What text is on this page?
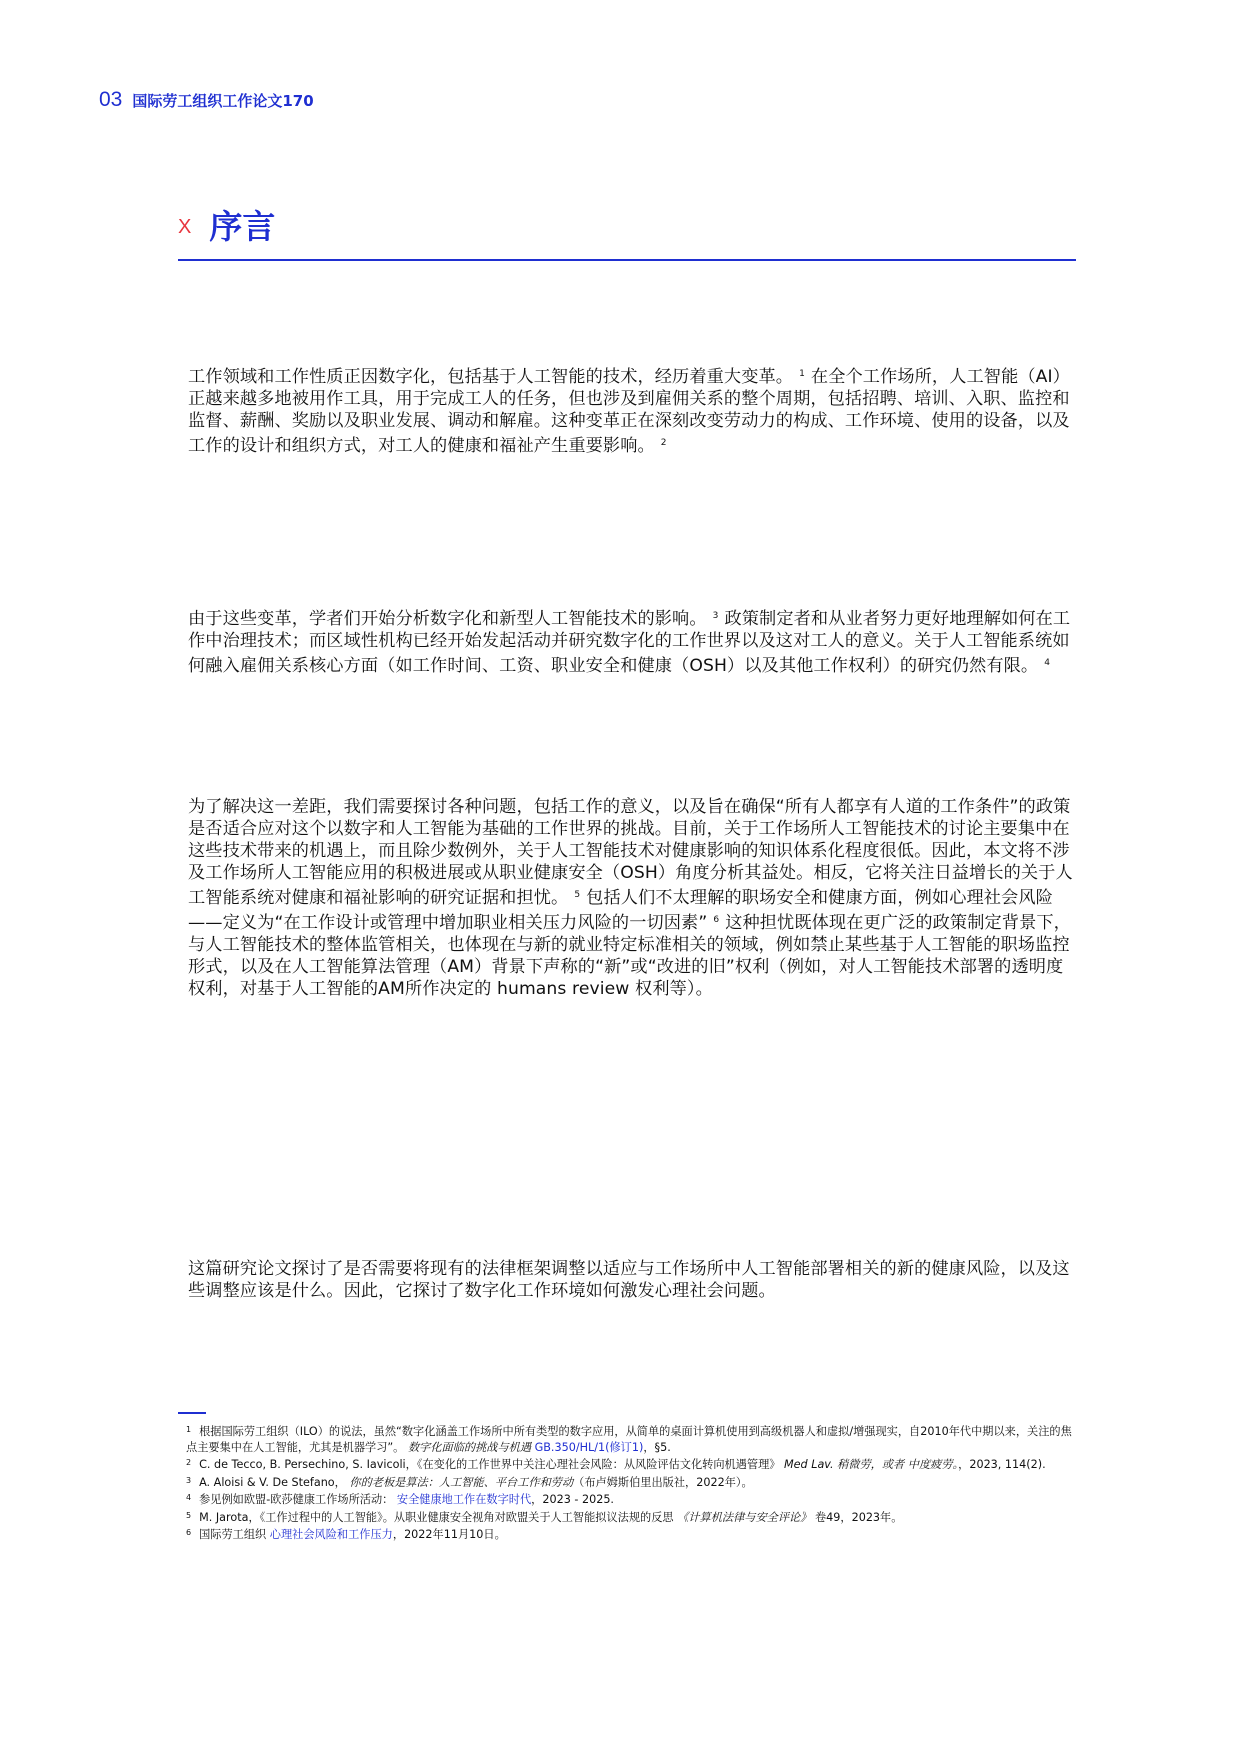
03 国际劳工组织工作论文170
X 序言

工作领域和工作性质正因数字化，包括基于人工智能的技术，经历着重大变革。 $^1$ 在全个工作场所，人工智能（AI）正越来越多地被用作工具，用于完成工人的任务，但也涉及到雇佣关系的整个周期，包括招聘、培训、入职、监控和监督、薪酬、奖励以及职业发展、调动和解雇。这种变革正在深刻改变劳动力的构成、工作环境、使用的设备，以及工作的设计和组织方式，对工人的健康和福祉产生重要影响。 $^2$

由于这些变革，学者们开始分析数字化和新型人工智能技术的影响。 $^3$ 政策制定者和从业者努力更好地理解如何在工作中治理技术；而区域性机构已经开始发起活动并研究数字化的工作世界以及这对工人的意义。关于人工智能系统如何融入雇佣关系核心方面（如工作时间、工资、职业安全和健康（OSH）以及其他工作权利）的研究仍然有限。 $^4$

为了解决这一差距，我们需要探讨各种问题，包括工作的意义，以及旨在确保“所有人都享有人道的工作条件”的政策是否适合应对这个以数字和人工智能为基础的工作世界的挑战。目前，关于工作场所人工智能技术的讨论主要集中在这些技术带来的机遇上，而且除少数例外，关于人工智能技术对健康影响的知识体系化程度很低。因此，本文将不涉及工作场所人工智能应用的积极进展或从职业健康安全（OSH）角度分析其益处。相反，它将关注日益增长的关于人工智能系统对健康和福祉影响的研究证据和担忧。 $^5$ 包括人们不太理解的职场安全和健康方面，例如心理社会风险——定义为“在工作设计或管理中增加职业相关压力风险的一切因素” $^6$ 这种担忧既体现在更广泛的政策制定背景下，与人工智能技术的整体监管相关，也体现在与新的就业特定标准相关的领域，例如禁止某些基于人工智能的职场监控形式，以及在人工智能算法管理（AM）背景下声称的“新”或“改进的旧”权利（例如，对人工智能技术部署的透明度权利，对基于人工智能的AM所作决定的 humans review 权利等）。

这篇研究论文探讨了是否需要将现有的法律框架调整以适应与工作场所中人工智能部署相关的新的健康风险，以及这些调整应该是什么。因此，它探讨了数字化工作环境如何激发心理社会问题。

$^1$ 根据国际劳工组织（ILO）的说法，虽然“数字化涵盖工作场所中所有类型的数字应用，从简单的桌面计算机使用到高级机器人和虚拟/增强现实，自2010年代中期以来，关注的焦点主要集中在人工智能，尤其是机器学习”。 数字化面临的挑战与机遇 GB.350/HL/1(修订1)，§5.

$^2$ C. de Tecco, B. Persechino, S. Iavicoli，《在变化的工作世界中关注心理社会风险：从风险评估文化转向机遇管理》 Med Lav. 稍微劳，或者 中度疲劳。，2023, 114(2).

$^3$ A. Aloisi & V. De Stefano， 你的老板是算法：人工智能、平台工作和劳动（布卢姆斯伯里出版社，2022年）。

$^4$ 参见例如欧盟-欧莎健康工作场所活动： 安全健康地工作在数字时代，2023 - 2025.

$^5$ M. Jarota，《工作过程中的人工智能》。从职业健康安全视角对欧盟关于人工智能拟议法规的反思 《计算机法律与安全评论》 卷49，2023年。

$^6$ 国际劳工组织 心理社会风险和工作压力，2022年11月10日。
